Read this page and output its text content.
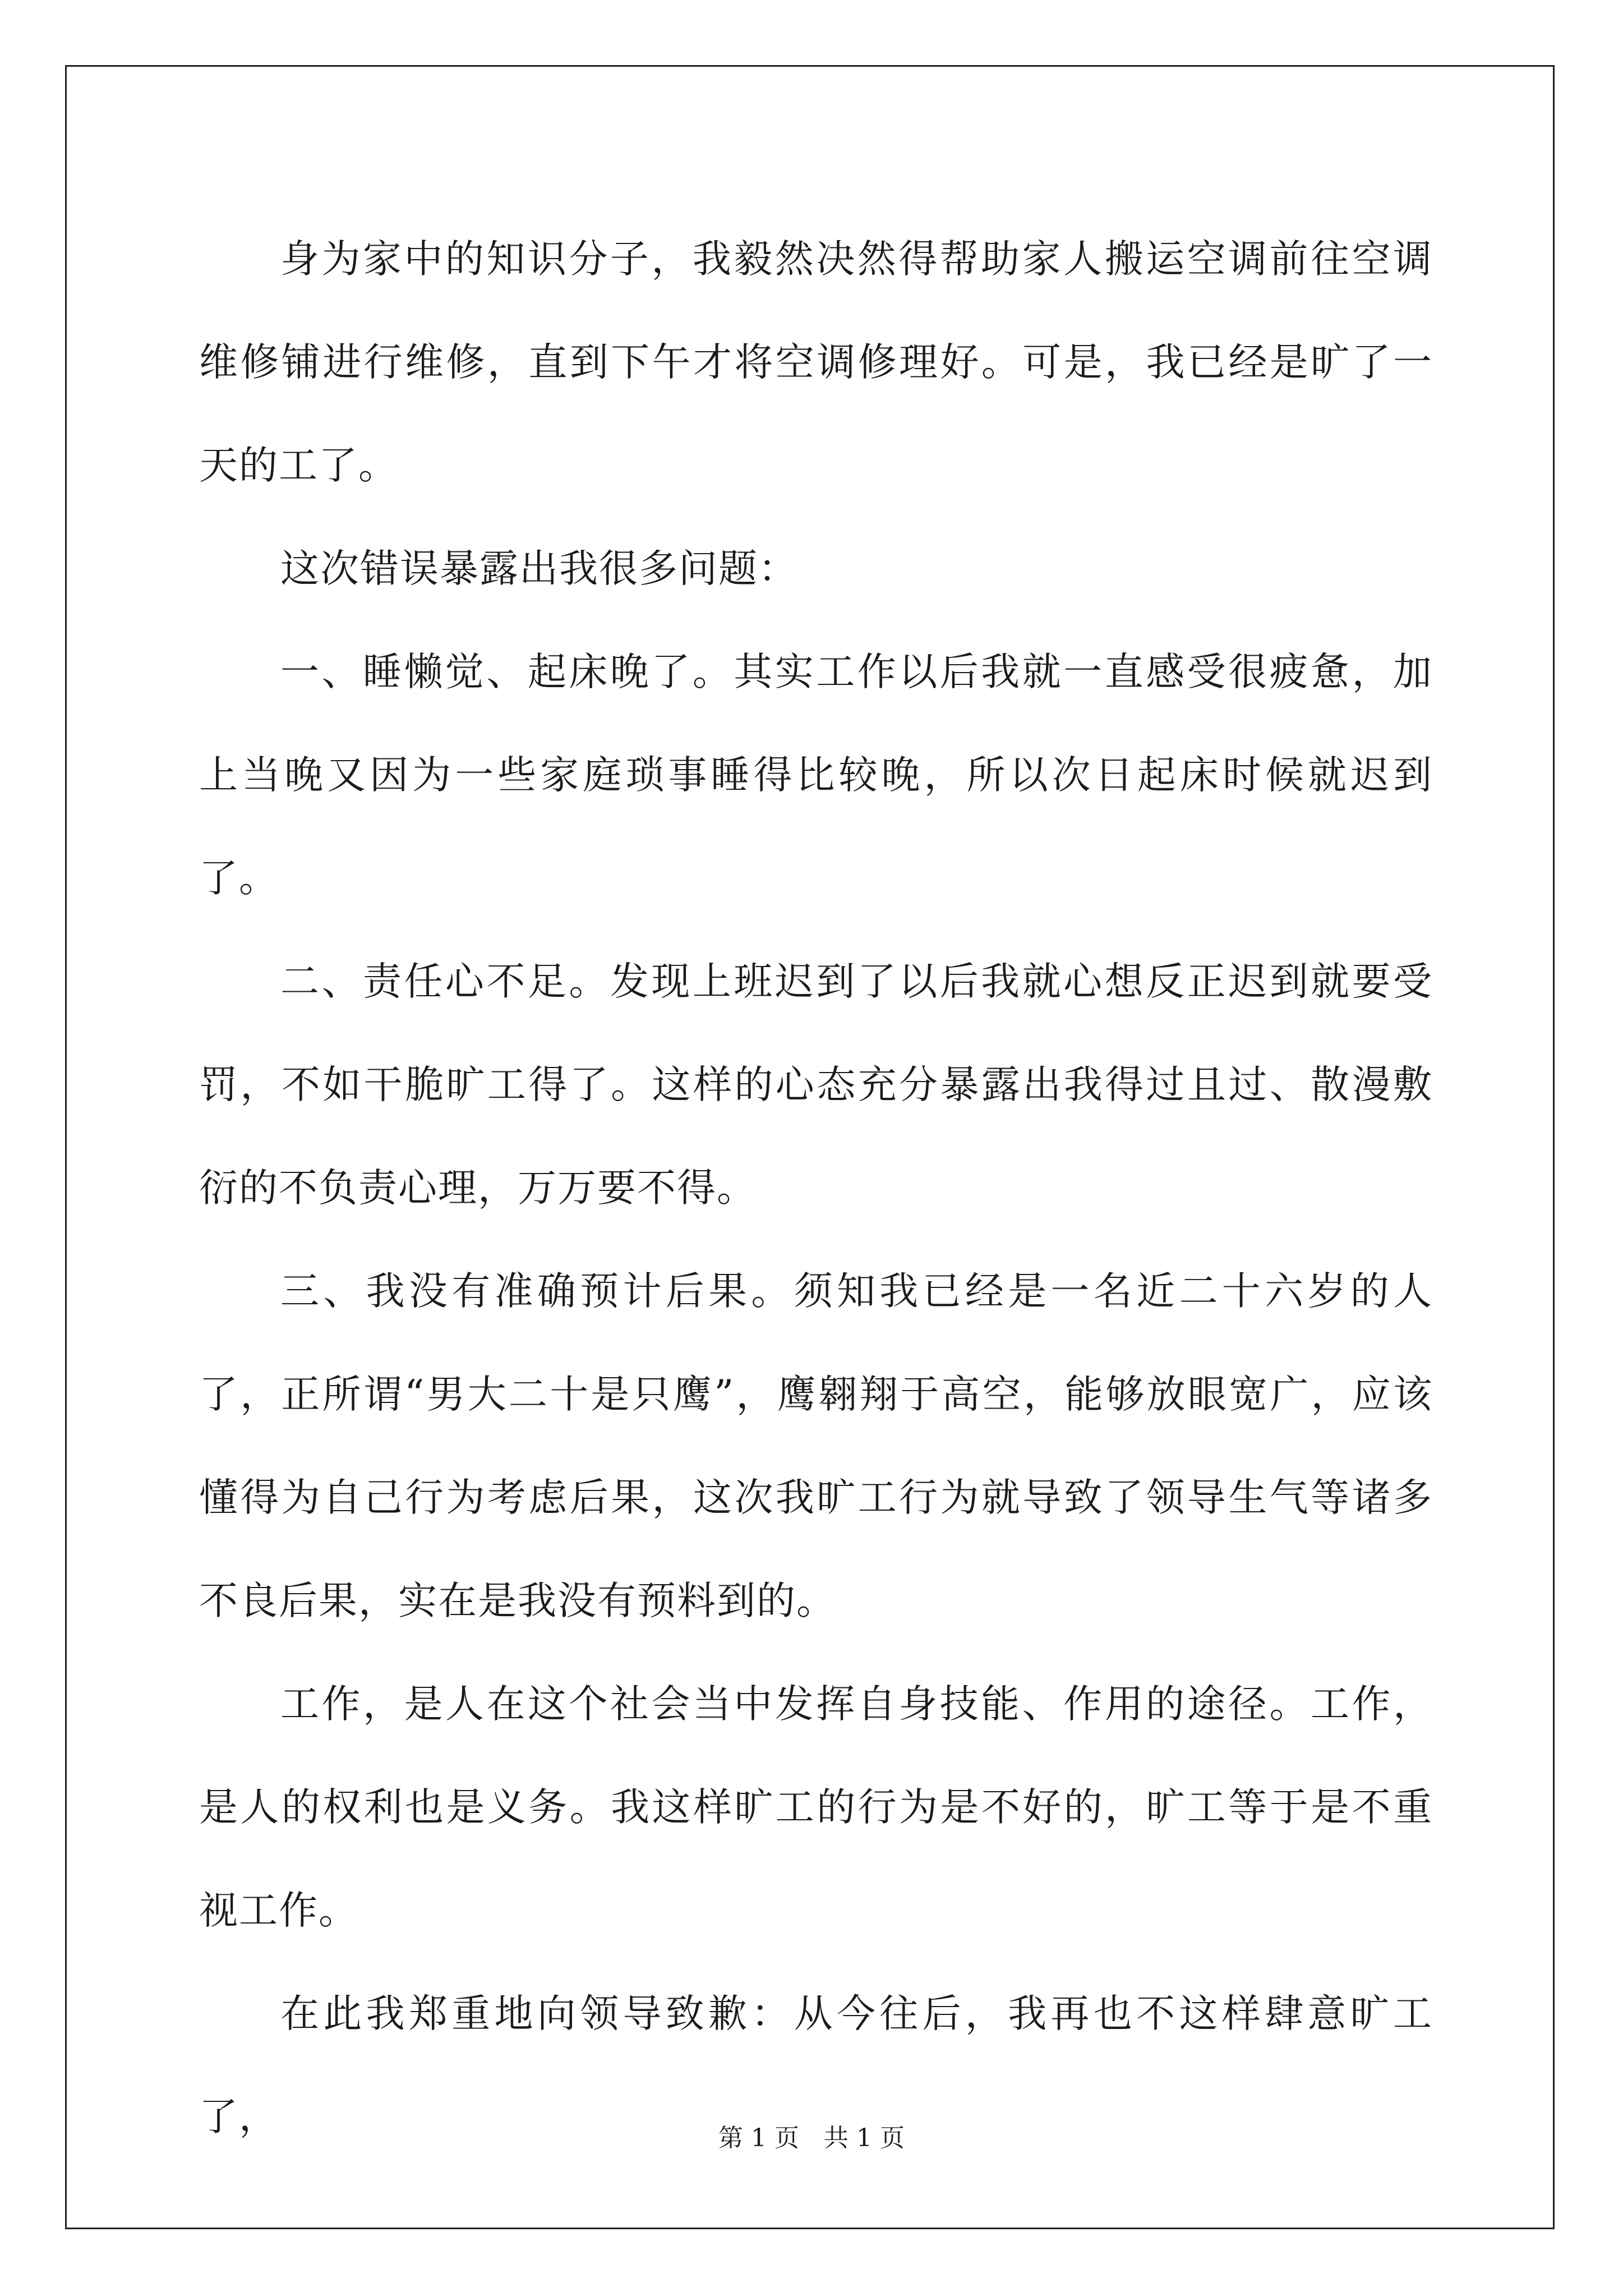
身为家中的知识分子，我毅然决然得帮助家人搬运空调前往空调维修铺进行维修，直到下午才将空调修理好。可是，我已经是旷了一天的工了。

这次错误暴露出我很多问题：

一、睡懒觉、起床晚了。其实工作以后我就一直感受很疲惫，加上当晚又因为一些家庭琐事睡得比较晚，所以次日起床时候就迟到了。

二、责任心不足。发现上班迟到了以后我就心想反正迟到就要受罚，不如干脆旷工得了。这样的心态充分暴露出我得过且过、散漫敷衍的不负责心理，万万要不得。

三、我没有准确预计后果。须知我已经是一名近二十六岁的人了，正所谓“男大二十是只鹰”，鹰翱翔于高空，能够放眼宽广，应该懂得为自己行为考虑后果，这次我旷工行为就导致了领导生气等诸多不良后果，实在是我没有预料到的。

工作，是人在这个社会当中发挥自身技能、作用的途径。工作，是人的权利也是义务。我这样旷工的行为是不好的，旷工等于是不重视工作。

在此我郑重地向领导致歉：从今往后，我再也不这样肆意旷工了，	第 1 页　共 1 页
